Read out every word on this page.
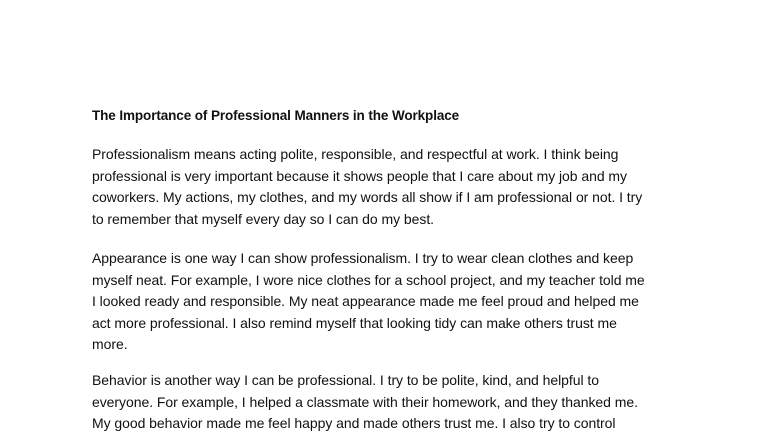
The Importance of Professional Manners in the Workplace

Professionalism means acting polite, responsible, and respectful at work. I think being
professional is very important because it shows people that I care about my job and my
coworkers. My actions, my clothes, and my words all show if I am professional or not. I try
to remember that myself every day so I can do my best.

Appearance is one way I can show professionalism. I try to wear clean clothes and keep
myself neat. For example, I wore nice clothes for a school project, and my teacher told me
I looked ready and responsible. My neat appearance made me feel proud and helped me
act more professional. I also remind myself that looking tidy can make others trust me
more.

Behavior is another way I can be professional. I try to be polite, kind, and helpful to
everyone. For example, I helped a classmate with their homework, and they thanked me.
My good behavior made me feel happy and made others trust me. I also try to control
